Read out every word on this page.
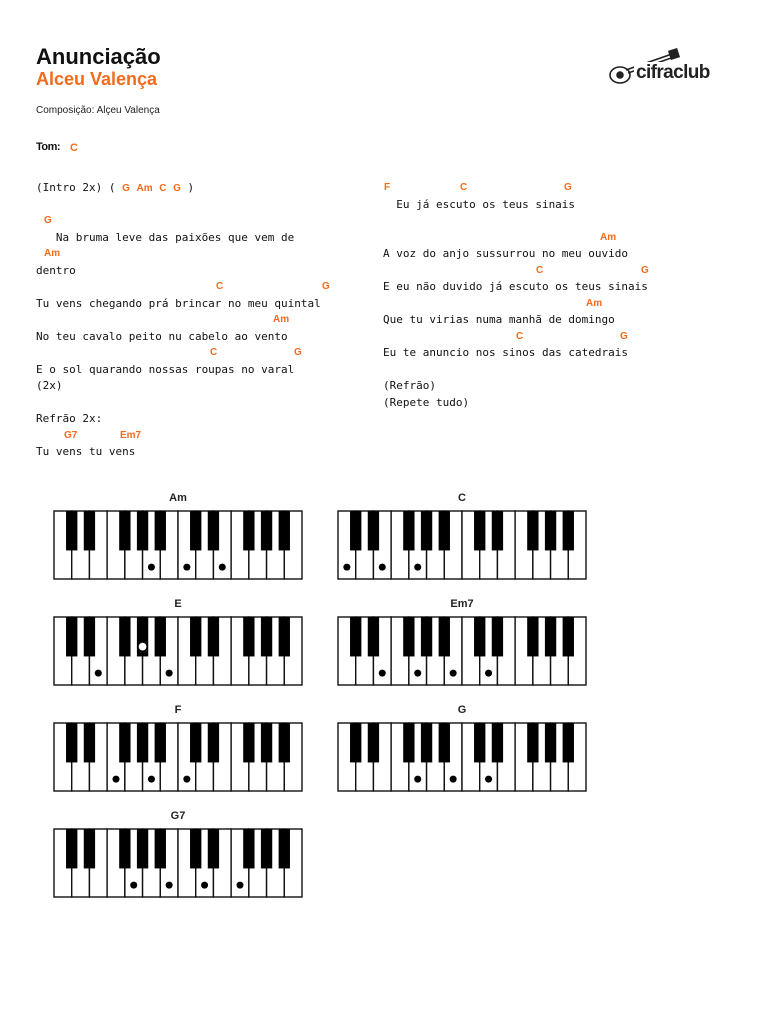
Anunciação
Alceu Valença
Composição: Alçeu Valença
Tom: C
cifraclub
(Intro 2x) ( G Am C G )
G
Na bruma leve das paixões que vem de
Am
dentro
C	G
Tu vens chegando prá brincar no meu quintal
Am
No teu cavalo peito nu cabelo ao vento
C	G
E o sol quarando nossas roupas no varal
(2x)
Refrão 2x:
G7	Em7
Tu vens tu vens
F	C	G
Eu já escuto os teus sinais
Am
A voz do anjo sussurrou no meu ouvido
C	G
E eu não duvido já escuto os teus sinais
Am
Que tu virias numa manhã de domingo
C	G
Eu te anuncio nos sinos das catedrais
(Refrão)
(Repete tudo)
Am	C
E	Em7
F	G
G7
